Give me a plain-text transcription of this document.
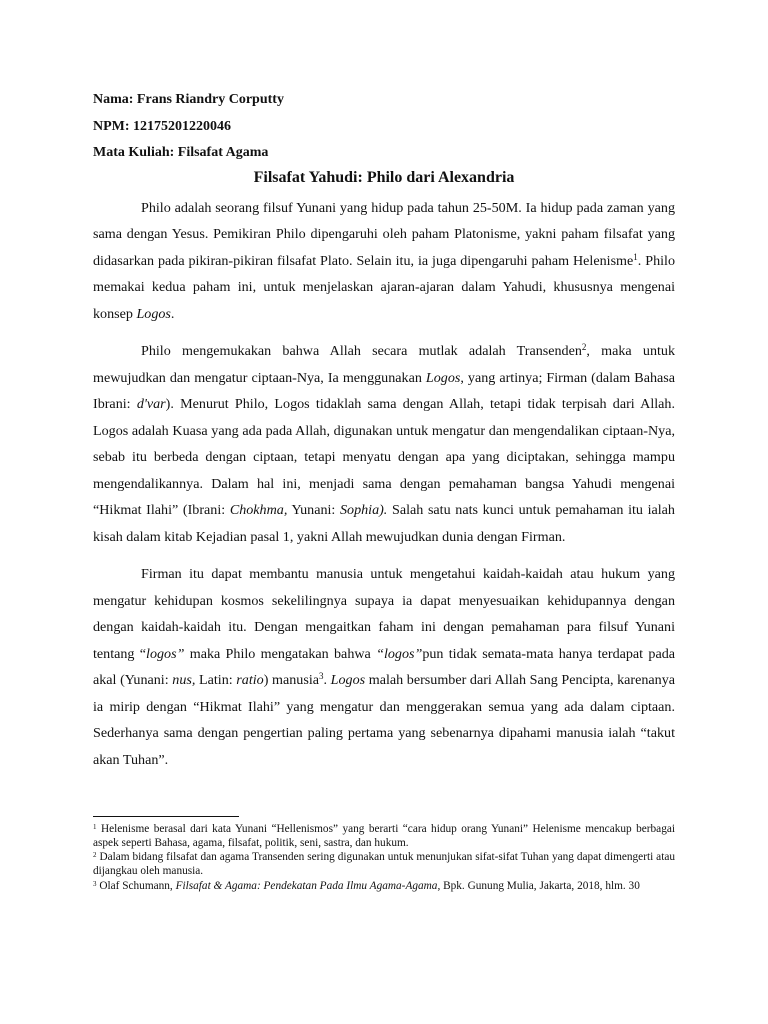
Nama: Frans Riandry Corputty
NPM: 12175201220046
Mata Kuliah: Filsafat Agama
Filsafat Yahudi: Philo dari Alexandria

Philo adalah seorang filsuf Yunani yang hidup pada tahun 25-50M. Ia hidup pada zaman yang sama dengan Yesus. Pemikiran Philo dipengaruhi oleh paham Platonisme, yakni paham filsafat yang didasarkan pada pikiran-pikiran filsafat Plato. Selain itu, ia juga dipengaruhi paham Helenisme$^1$. Philo memakai kedua paham ini, untuk menjelaskan ajaran-ajaran dalam Yahudi, khususnya mengenai konsep Logos.

Philo mengemukakan bahwa Allah secara mutlak adalah Transenden$^2$, maka untuk mewujudkan dan mengatur ciptaan-Nya, Ia menggunakan Logos, yang artinya; Firman (dalam Bahasa Ibrani: d'var). Menurut Philo, Logos tidaklah sama dengan Allah, tetapi tidak terpisah dari Allah. Logos adalah Kuasa yang ada pada Allah, digunakan untuk mengatur dan mengendalikan ciptaan-Nya, sebab itu berbeda dengan ciptaan, tetapi menyatu dengan apa yang diciptakan, sehingga mampu mengendalikannya. Dalam hal ini, menjadi sama dengan pemahaman bangsa Yahudi mengenai “Hikmat Ilahi” (Ibrani: Chokhma, Yunani: Sophia). Salah satu nats kunci untuk pemahaman itu ialah kisah dalam kitab Kejadian pasal 1, yakni Allah mewujudkan dunia dengan Firman.

Firman itu dapat membantu manusia untuk mengetahui kaidah-kaidah atau hukum yang mengatur kehidupan kosmos sekelilingnya supaya ia dapat menyesuaikan kehidupannya dengan dengan kaidah-kaidah itu. Dengan mengaitkan faham ini dengan pemahaman para filsuf Yunani tentang “logos” maka Philo mengatakan bahwa “logos”pun tidak semata-mata hanya terdapat pada akal (Yunani: nus, Latin: ratio) manusia$^3$. Logos malah bersumber dari Allah Sang Pencipta, karenanya ia mirip dengan “Hikmat Ilahi” yang mengatur dan menggerakan semua yang ada dalam ciptaan. Sederhanya sama dengan pengertian paling pertama yang sebenarnya dipahami manusia ialah “takut akan Tuhan”.

$^1$ Helenisme berasal dari kata Yunani “Hellenismos” yang berarti “cara hidup orang Yunani” Helenisme mencakup berbagai aspek seperti Bahasa, agama, filsafat, politik, seni, sastra, dan hukum.

$^2$ Dalam bidang filsafat dan agama Transenden sering digunakan untuk menunjukan sifat-sifat Tuhan yang dapat dimengerti atau dijangkau oleh manusia.

$^3$ Olaf Schumann, Filsafat & Agama: Pendekatan Pada Ilmu Agama-Agama, Bpk. Gunung Mulia, Jakarta, 2018, hlm. 30
